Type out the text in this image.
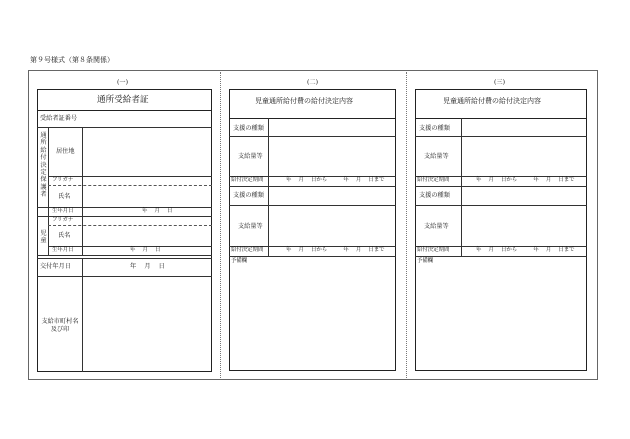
第９号様式（第８条関係）
(一)
通所受給者証
受給者証番号
通所給付決定保護者
居住地
フリガナ
氏名
生年月日	年　 月　 日
児童
フリガナ
氏名
生年月日	年　 月　 日
交付年月日	年　 月　 日
支給市町村名及び印
(二)
児童通所給付費の給付決定内容
支援の種類
支給量等
給付決定期間	年　 月　 日から　　　年　 月　 日まで
支援の種類
支給量等
給付決定期間	年　 月　 日から　　　年　 月　 日まで
予備欄
(三)
児童通所給付費の給付決定内容
支援の種類
支給量等
給付決定期間	年　 月　 日から　　　年　 月　 日まで
支援の種類
支給量等
給付決定期間	年　 月　 日から　　　年　 月　 日まで
予備欄
